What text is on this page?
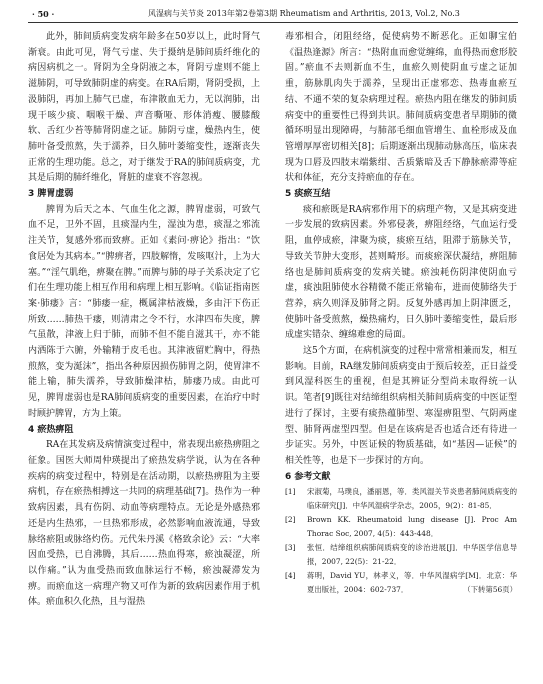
· 50 ·	风湿病与关节炎 2013年第2卷第3期 Rheumatism and Arthritis, 2013, Vol.2, No.3

此外，肺间质病变发病年龄多在50岁以上，此时肾气渐衰。由此可见，肾气亏虚、失于摄纳是肺间质纤维化的病因病机之一。肾阴为全身阴液之本，肾阴亏虚则不能上滋肺阴，可导致肺阴虚的病变。在RA后期，肾阴受损，上汲肺阴，再加上肺气已虚，布津散血无力，无以润肺，出现干咳少痰、咽喉干燥、声音嘶哑、形体消瘦、腰膝酸软、舌红少苔等肺肾阴虚之证。肺阴亏虚，燥热内生，使肺叶备受煎熬，失于濡养，日久肺叶萎缩变性，逐渐丧失正常的生理功能。总之，对于继发于RA的肺间质病变，尤其是后期的肺纤维化，肾脏的虚衰不容忽视。

3 脾胃虚弱

脾胃为后天之本、气血生化之源，脾胃虚弱，可致气血不足，卫外不固，且痰湿内生，湿浊为患，痰湿之邪流注关节，复感外邪而致痹。正如《素问·痹论》指出：“饮食居处为其病本。”“脾痹者，四肢解惰，发咳呕汁，上为大塞。”“淫气肌绝，痹聚在脾。”而脾与肺的母子关系决定了它们在生理功能上相互作用和病理上相互影响。《临证指南医案·肺痿》言：“肺痿一症，概属津枯液燥，多由汗下伤正所致……肺热干痿，则清肃之令不行，水津四布失度，脾气虽散，津液上归于肺，而肺不但不能自滋其干，亦不能内洒陈于六腑，外输精于皮毛也。其津液留贮胸中，得热煎熬，变为涎沫”，指出各种原因损伤肺胃之阴，使胃津不能上输，肺失濡养，导致肺燥津枯，肺痿乃成。由此可见，脾胃虚弱也是RA肺间质病变的重要因素，在治疗中时时顾护脾胃，方为上策。

4 瘀热痹阻

RA在其发病及病情演变过程中，常表现出瘀热痹阻之征象。国医大师周仲瑛提出了瘀热发病学说，认为在各种疾病的病变过程中，特别是在活动期，以瘀热痹阻为主要病机，存在瘀热相搏这一共同的病理基础[7]。热作为一种致病因素，具有伤阴、动血等病理特点。无论是外感热邪还是内生热邪，一旦热邪形成，必然影响血液流通，导致脉络瘀阻或脉络灼伤。元代朱丹溪《格致余论》云：“大率因血受热，已自沸腾，其后……热血得寒，瘀浊凝涩，所以作痛。”认为血受热而致血脉运行不畅，瘀浊凝滞发为痹。而瘀血这一病理产物又可作为新的致病因素作用于机体。瘀血积久化热，且与湿热

毒邪相合，闭阻经络，促使病势不断恶化。正如聊宝伯《温热逢源》所言：“热附血而愈觉缠绵，血得热而愈形胶固。”瘀血不去则新血不生，血瘀久则使阴血亏虚之证加重，筋脉肌肉失于濡养，呈现出正虚邪恋、热毒血瘀互结、不通不荣的复杂病理过程。瘀热内阻在继发的肺间质病变中的重要性已得到共识。肺间质病变患者早期肺的微循环明显出现障碍，与肺部毛细血管增生、血栓形成及血管增厚厚密切相关[8]；后期逐渐出现肺动脉高压，临床表现为口唇及四肢末端紫绀、舌质紫暗及舌下静脉瘀滞等症状和体征，充分支持瘀血的存在。

5 痰瘀互结

痰和瘀既是RA病邪作用下的病理产物，又是其病变进一步发展的致病因素。外邪侵袭，痹阻经络，气血运行受阻，血停成瘀，津聚为痰，痰瘀互结，阻滞于筋脉关节，导致关节肿大变形，甚则畸形。而痰瘀深伏凝结，痹阻肺络也是肺间质病变的发病关键。瘀浊耗伤阴津使阴血亏虚，痰浊阻肺使水谷精微不能正常输布，进而使肺络失于营养，病久则泽及肺肾之阴。反复外感再加上阴津匮乏，使肺叶备受煎熬，燥热痛灼，日久肺叶萎缩变性，最后形成虚实错杂、缠绵难愈的局面。

这5个方面，在病机演变的过程中常常相兼而发，相互影响。目前，RA继发肺间质病变由于预后较差，正日益受到风湿科医生的重视，但是其辨证分型尚未取得统一认识。笔者[9]既往对结缔组织病相关肺间质病变的中医证型进行了探讨，主要有痰热蕴肺型、寒湿痹阻型、气阴两虚型、肺肾两虚型四型。但是在该病是否也适合还有待进一步证实。另外，中医证候的物质基础，如“基因—证候”的相关性等，也是下一步探讨的方向。

6 参考文献
[1]	宋淑菊，马璞良，潘丽恩，等．类风湿关节炎患者肺间质病变的临床研究[J]．中华风湿病学杂志，2005，9(2)：81-85．
[2]	Brown KK. Rheumatoid lung disease [J]. Proc Am Thorac Soc, 2007, 4(5)：443-448．
[3]	张恒．结缔组织病肺间质病变的诊治进展[J]．中华医学信息导报，2007, 22(5)：21-22．
[4]	蒋明，David YU，林孝义，等．中华风湿病学[M]．北京：华夏出版社，2004：602-737．	（下转第56页）
